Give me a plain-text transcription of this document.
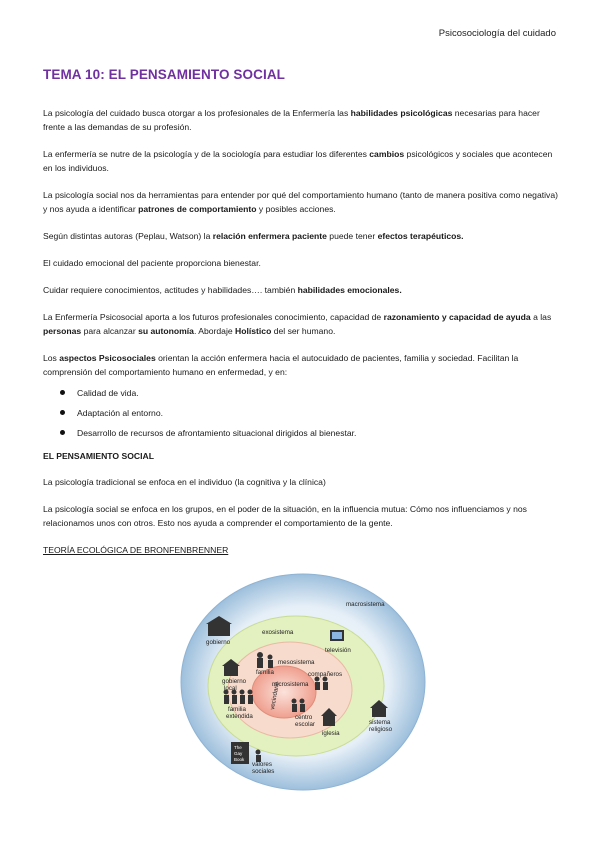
Psicosociología del cuidado
TEMA 10: EL PENSAMIENTO SOCIAL

La psicología del cuidado busca otorgar a los profesionales de la Enfermería las habilidades psicológicas necesarias para hacer frente a las demandas de su profesión.

La enfermería se nutre de la psicología y de la sociología para estudiar los diferentes cambios psicológicos y sociales que acontecen en los individuos.

La psicología social nos da herramientas para entender por qué del comportamiento humano (tanto de manera positiva como negativa) y nos ayuda a identificar patrones de comportamiento y posibles acciones.

Según distintas autoras (Peplau, Watson) la relación enfermera paciente puede tener efectos terapéuticos.

El cuidado emocional del paciente proporciona bienestar.

Cuidar requiere conocimientos, actitudes y habilidades…. también habilidades emocionales.

La Enfermería Psicosocial aporta a los futuros profesionales conocimiento, capacidad de razonamiento y capacidad de ayuda a las personas para alcanzar su autonomía. Abordaje Holístico del ser humano.

Los aspectos Psicosociales orientan la acción enfermera hacia el autocuidado de pacientes, familia y sociedad. Facilitan la comprensión del comportamiento humano en enfermedad, y en:

Calidad de vida.
Adaptación al entorno.
Desarrollo de recursos de afrontamiento situacional dirigidos al bienestar.
EL PENSAMIENTO SOCIAL

La psicología tradicional se enfoca en el individuo (la cognitiva y la clínica)

La psicología social se enfoca en los grupos, en el poder de la situación, en la influencia mutua: Cómo nos influenciamos y nos relacionamos unos con otros. Esto nos ayuda a comprender el comportamiento de la gente.

TEORÍA ECOLÓGICA DE BRONFENBRENNER
The
Gay
Book
macrosistema
exosistema
gobierno
familia
mesosistema
televisión
compañeros
microsistema
gobierno
local	vecindario
centro
escolar
familia
extendida
iglesia
sistema
religioso
valores
sociales
